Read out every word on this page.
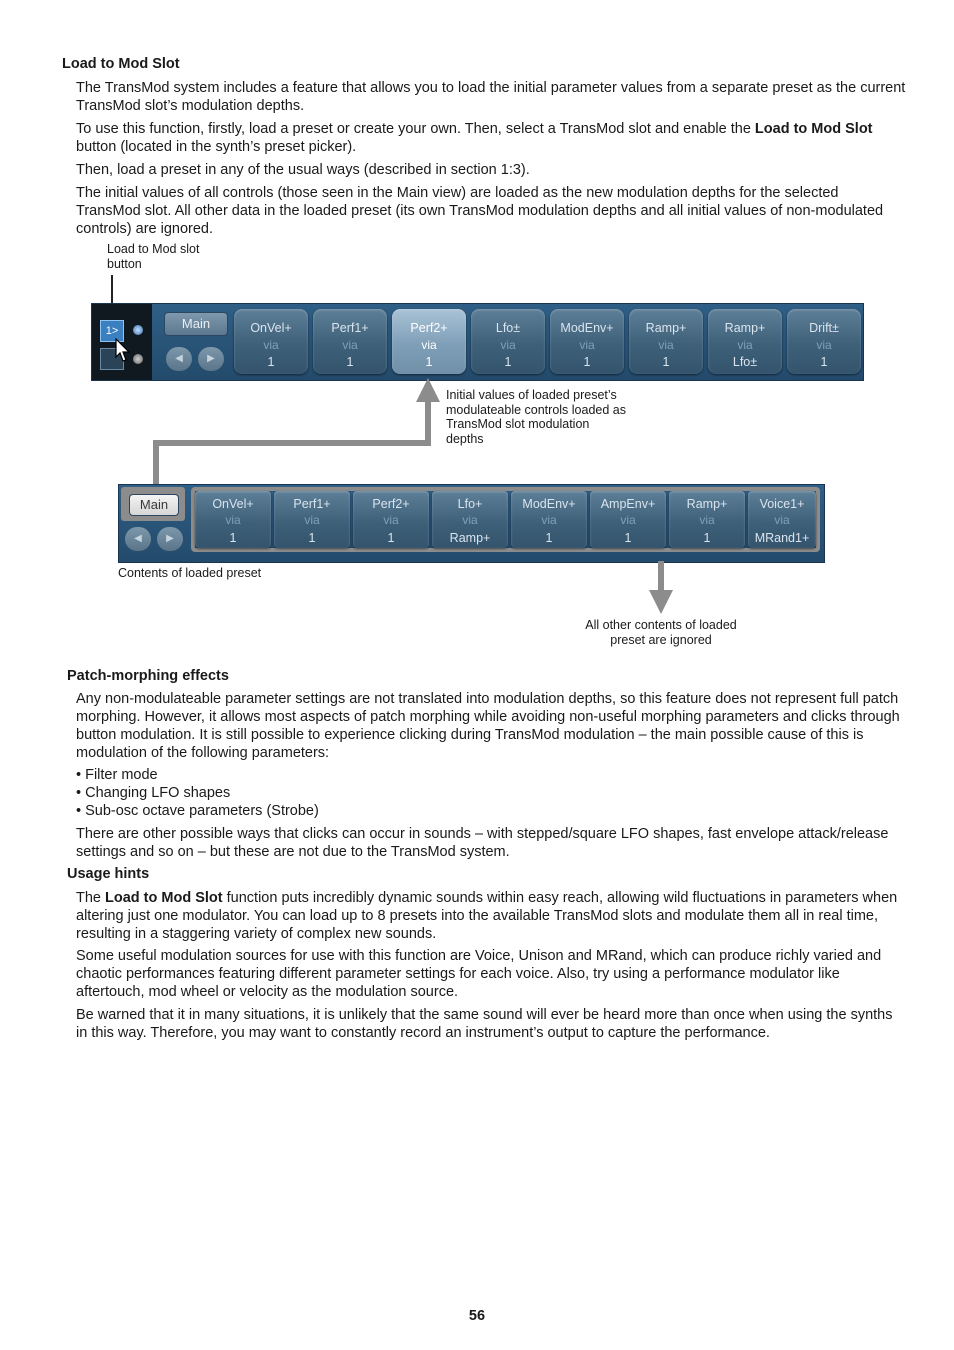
Load to Mod Slot
The TransMod system includes a feature that allows you to load the initial parameter values from a separate preset as the current TransMod slot’s modulation depths.
To use this function, firstly, load a preset or create your own. Then, select a TransMod slot and enable the Load to Mod Slot button (located in the synth’s preset picker).
Then, load a preset in any of the usual ways (described in section 1:3).
The initial values of all controls (those seen in the Main view) are loaded as the new modulation depths for the selected TransMod slot. All other data in the loaded preset (its own TransMod modulation depths and all initial values of non-modulated controls) are ignored.
Load to Mod slot button
1>	Main
◀	▶
OnVel+
via
1
Perf1+
via
1
Perf2+
via
1
Lfo±
via
1
ModEnv+
via
1
Ramp+
via
1
Ramp+
via
Lfo±
Drift±
via
1
Initial values of loaded preset’s modulateable controls loaded as TransMod slot modulation depths
Main
◀	▶
OnVel+
via
1
Perf1+
via
1
Perf2+
via
1
Lfo+
via
Ramp+
ModEnv+
via
1
AmpEnv+
via
1
Ramp+
via
1
Voice1+
via
MRand1+
Contents of loaded preset
All other contents of loaded preset are ignored
Patch-morphing effects
Any non-modulateable parameter settings are not translated into modulation depths, so this feature does not represent full patch morphing. However, it allows most aspects of patch morphing while avoiding non-useful morphing parameters and clicks through button modulation. It is still possible to experience clicking during TransMod modulation – the main possible cause of this is modulation of the following parameters:
• Filter mode
• Changing LFO shapes
• Sub-osc octave parameters (Strobe)
There are other possible ways that clicks can occur in sounds – with stepped/square LFO shapes, fast envelope attack/release settings and so on – but these are not due to the TransMod system.
Usage hints
The Load to Mod Slot function puts incredibly dynamic sounds within easy reach, allowing wild fluctuations in parameters when altering just one modulator. You can load up to 8 presets into the available TransMod slots and modulate them all in real time, resulting in a staggering variety of complex new sounds.
Some useful modulation sources for use with this function are Voice, Unison and MRand, which can produce richly varied and chaotic performances featuring different parameter settings for each voice. Also, try using a performance modulator like aftertouch, mod wheel or velocity as the modulation source.
Be warned that it in many situations, it is unlikely that the same sound will ever be heard more than once when using the synths in this way. Therefore, you may want to constantly record an instrument’s output to capture the performance.
56
